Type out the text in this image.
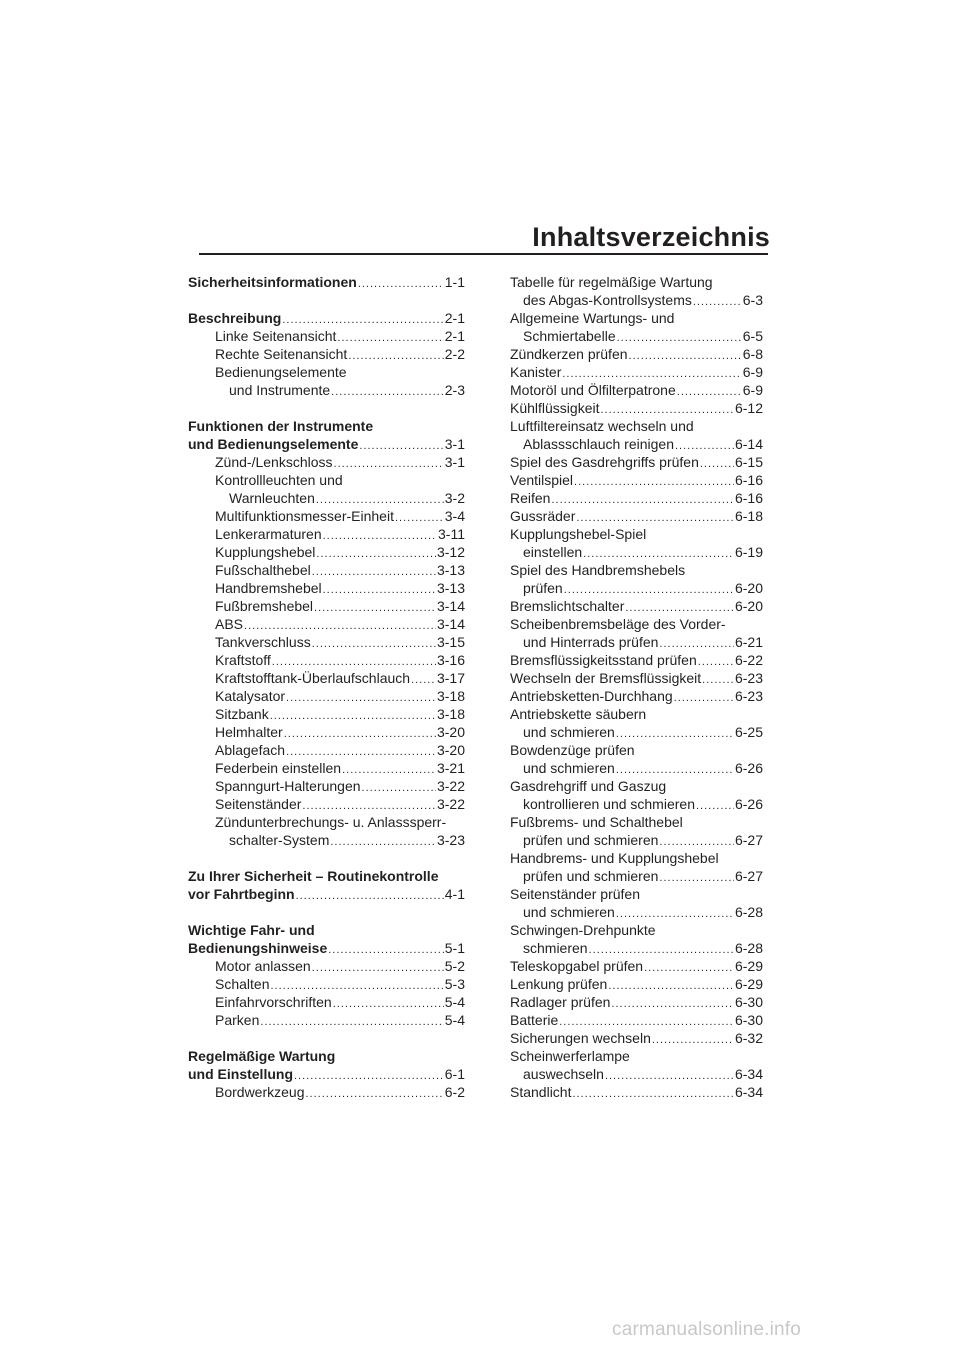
Inhaltsverzeichnis
Sicherheitsinformationen .....	1-1
Beschreibung .....	2-1
Linke Seitenansicht .....	2-1
Rechte Seitenansicht .....	2-2
Bedienungselemente
und Instrumente .....	2-3
Funktionen der Instrumente
und Bedienungselemente .....	3-1
Zünd-/Lenkschloss .....	3-1
Kontrollleuchten und
Warnleuchten .....	3-2
Multifunktionsmesser-Einheit .....	3-4
Lenkerarmaturen .....	3-11
Kupplungshebel .....	3-12
Fußschalthebel .....	3-13
Handbremshebel .....	3-13
Fußbremshebel .....	3-14
ABS .....	3-14
Tankverschluss .....	3-15
Kraftstoff .....	3-16
Kraftstofftank-Überlaufschlauch ..... 3-17
Katalysator .....	3-18
Sitzbank .....	3-18
Helmhalter .....	3-20
Ablagefach .....	3-20
Federbein einstellen .....	3-21
Spanngurt-Halterungen .....	3-22
Seitenständer .....	3-22
Zündunterbrechungs- u. Anlasssperr-
schalter-System .....	3-23
Zu Ihrer Sicherheit – Routinekontrolle
vor Fahrtbeginn .....	4-1
Wichtige Fahr- und
Bedienungshinweise .....	5-1
Motor anlassen .....	5-2
Schalten .....	5-3
Einfahrvorschriften .....	5-4
Parken .....	5-4
Regelmäßige Wartung
und Einstellung .....	6-1
Bordwerkzeug .....	6-2
Tabelle für regelmäßige Wartung
des Abgas-Kontrollsystems .....	6-3
Allgemeine Wartungs- und
Schmiertabelle .....	6-5
Zündkerzen prüfen .....	6-8
Kanister .....	6-9
Motoröl und Ölfilterpatrone .....	6-9
Kühlflüssigkeit .....	6-12
Luftfiltereinsatz wechseln und
Ablassschlauch reinigen .....	6-14
Spiel des Gasdrehgriffs prüfen .....	6-15
Ventilspiel .....	6-16
Reifen .....	6-16
Gussräder .....	6-18
Kupplungshebel-Spiel
einstellen .....	6-19
Spiel des Handbremshebels
prüfen .....	6-20
Bremslichtschalter .....	6-20
Scheibenbremsbeläge des Vorder-
und Hinterrads prüfen .....	6-21
Bremsflüssigkeitsstand prüfen .....	6-22
Wechseln der Bremsflüssigkeit ..... 6-23
Antriebsketten-Durchhang .....	6-23
Antriebskette säubern
und schmieren .....	6-25
Bowdenzüge prüfen
und schmieren .....	6-26
Gasdrehgriff und Gaszug
kontrollieren und schmieren .....	6-26
Fußbrems- und Schalthebel
prüfen und schmieren .....	6-27
Handbrems- und Kupplungshebel
prüfen und schmieren .....	6-27
Seitenständer prüfen
und schmieren .....	6-28
Schwingen-Drehpunkte
schmieren .....	6-28
Teleskopgabel prüfen .....	6-29
Lenkung prüfen .....	6-29
Radlager prüfen .....	6-30
Batterie .....	6-30
Sicherungen wechseln .....	6-32
Scheinwerferlampe
auswechseln .....	6-34
Standlicht .....	6-34
carmanualsonline.info
